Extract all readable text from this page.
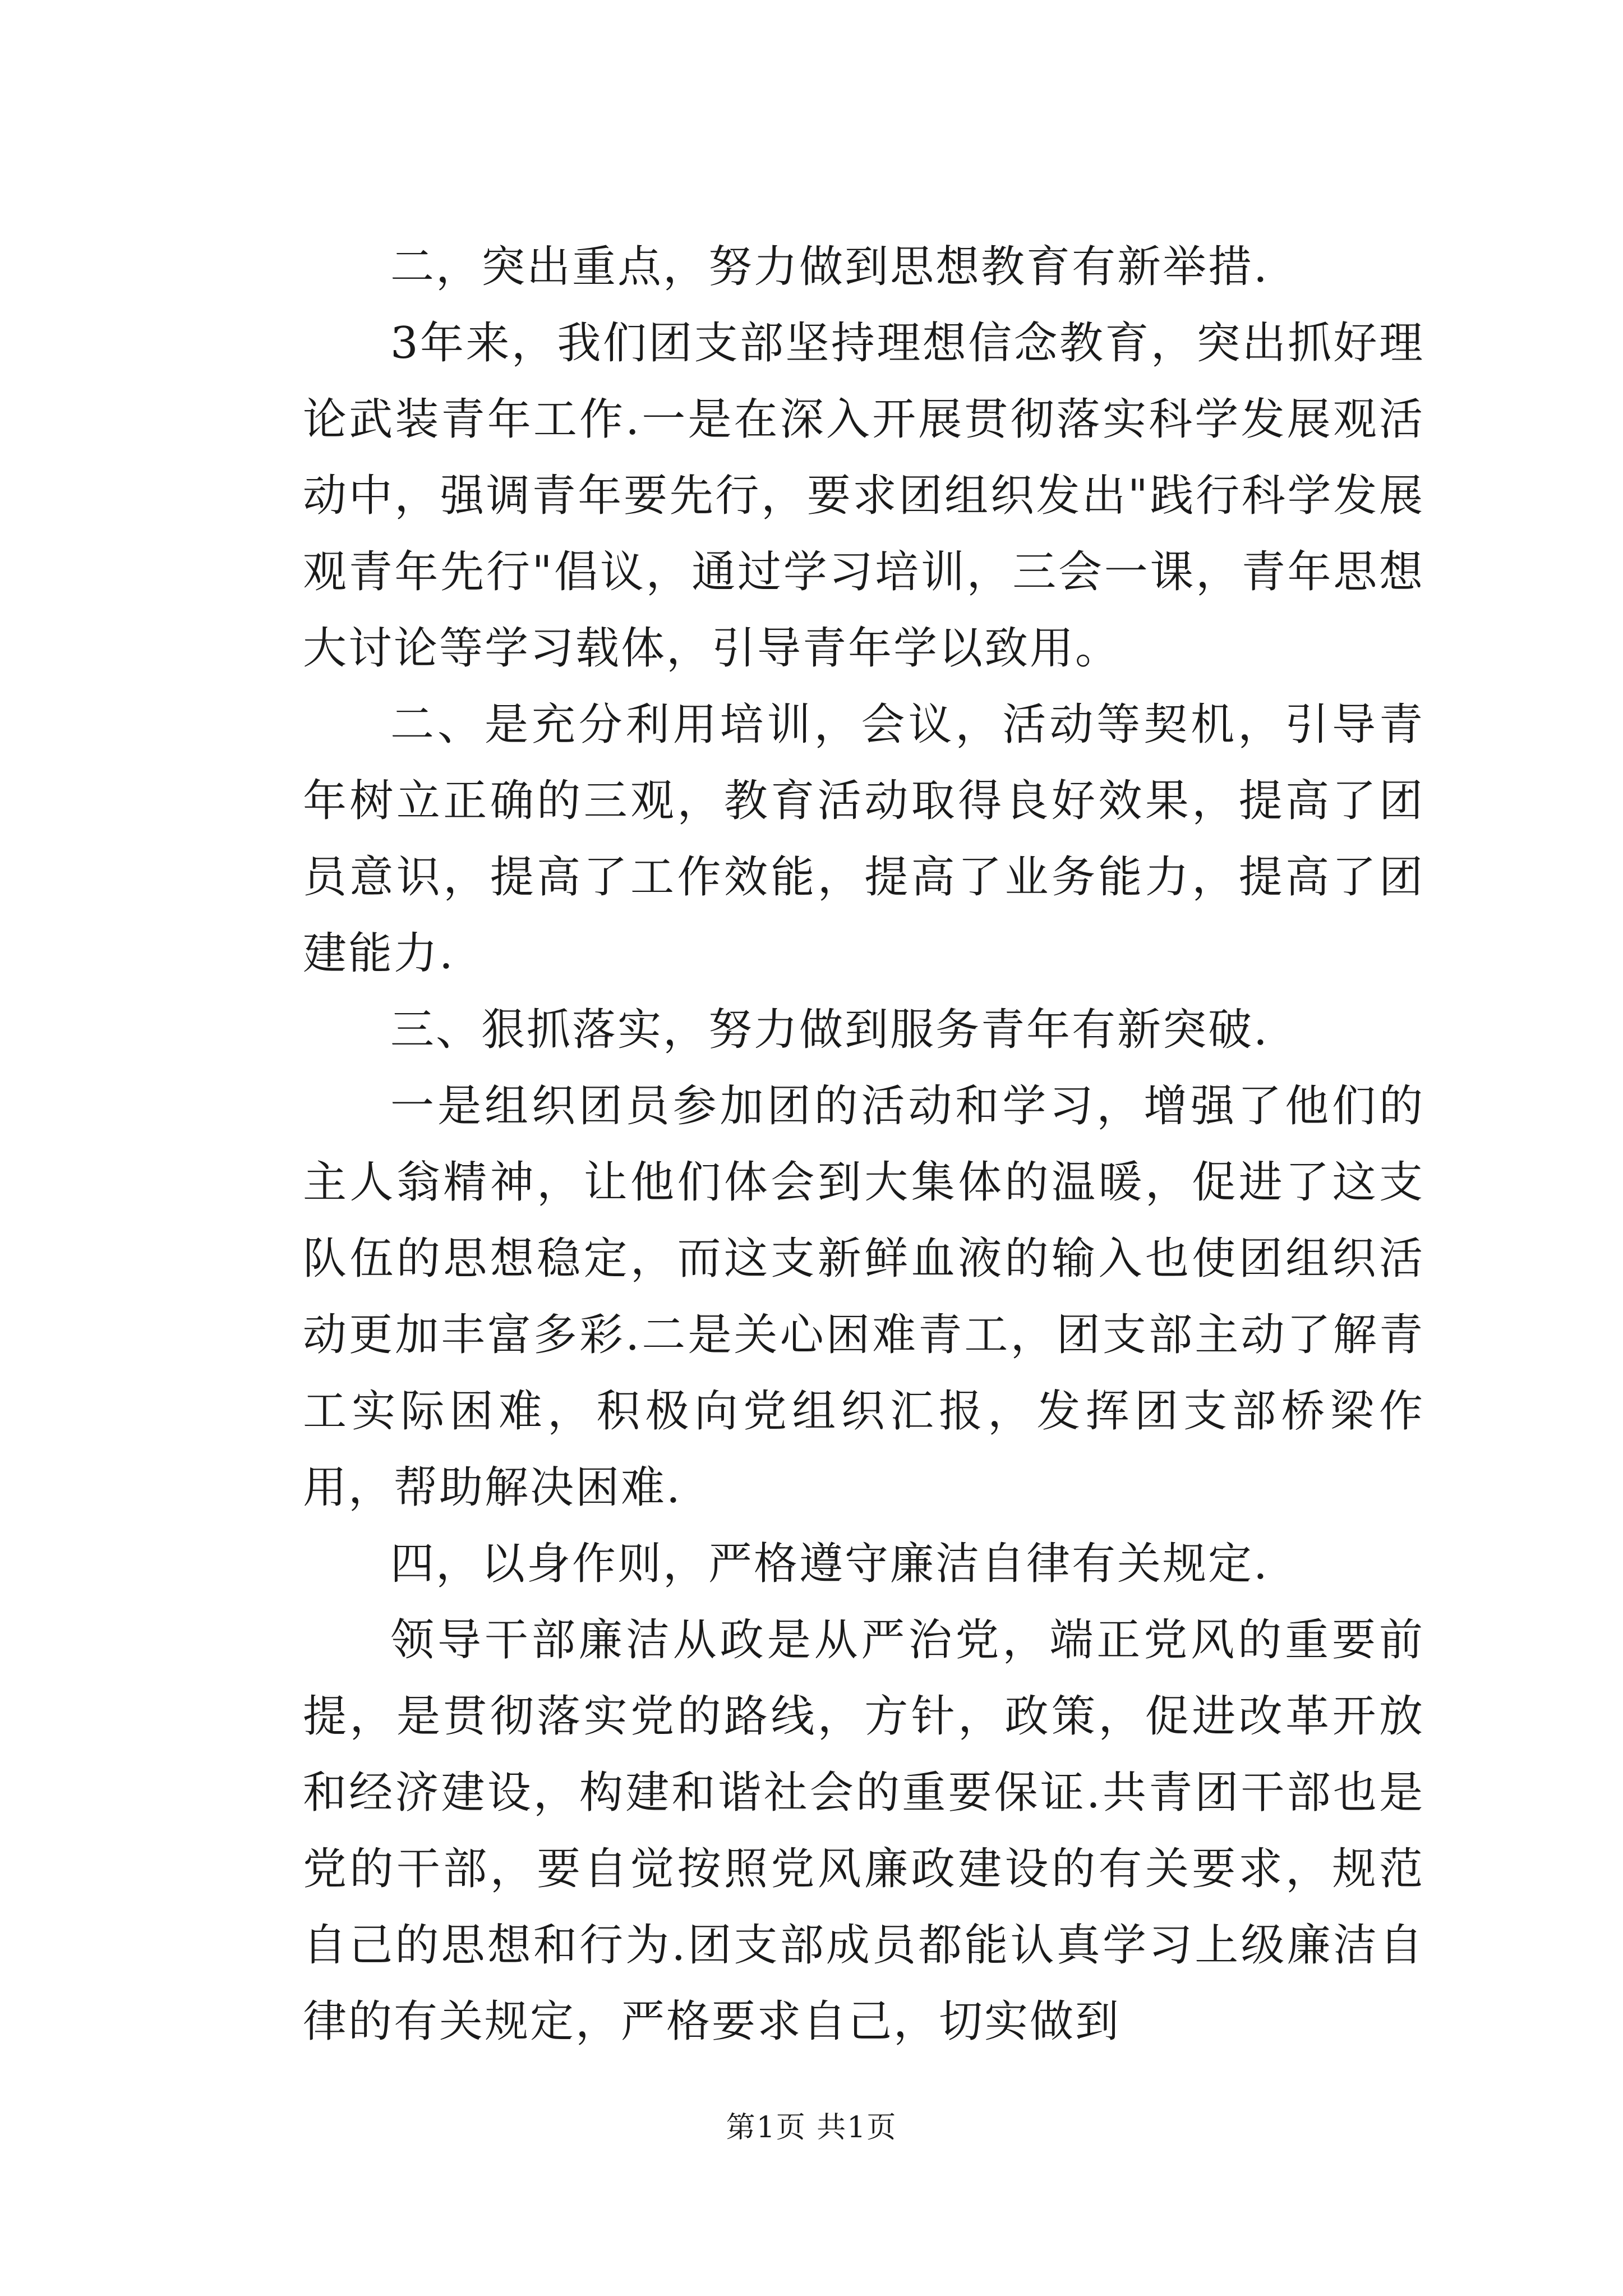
二，突出重点，努力做到思想教育有新举措.

3年来，我们团支部坚持理想信念教育，突出抓好理论武装青年工作.一是在深入开展贯彻落实科学发展观活动中，强调青年要先行，要求团组织发出"践行科学发展观青年先行"倡议，通过学习培训，三会一课，青年思想大讨论等学习载体，引导青年学以致用。

二、是充分利用培训，会议，活动等契机，引导青年树立正确的三观，教育活动取得良好效果，提高了团员意识，提高了工作效能，提高了业务能力，提高了团建能力.

三、狠抓落实，努力做到服务青年有新突破.

一是组织团员参加团的活动和学习，增强了他们的主人翁精神，让他们体会到大集体的温暖，促进了这支队伍的思想稳定，而这支新鲜血液的输入也使团组织活动更加丰富多彩.二是关心困难青工，团支部主动了解青工实际困难，积极向党组织汇报，发挥团支部桥梁作用，帮助解决困难.

四，以身作则，严格遵守廉洁自律有关规定.

领导干部廉洁从政是从严治党，端正党风的重要前提，是贯彻落实党的路线，方针，政策，促进改革开放和经济建设，构建和谐社会的重要保证.共青团干部也是党的干部，要自觉按照党风廉政建设的有关要求，规范自己的思想和行为.团支部成员都能认真学习上级廉洁自律的有关规定，严格要求自己，切实做到

第1页 共1页
